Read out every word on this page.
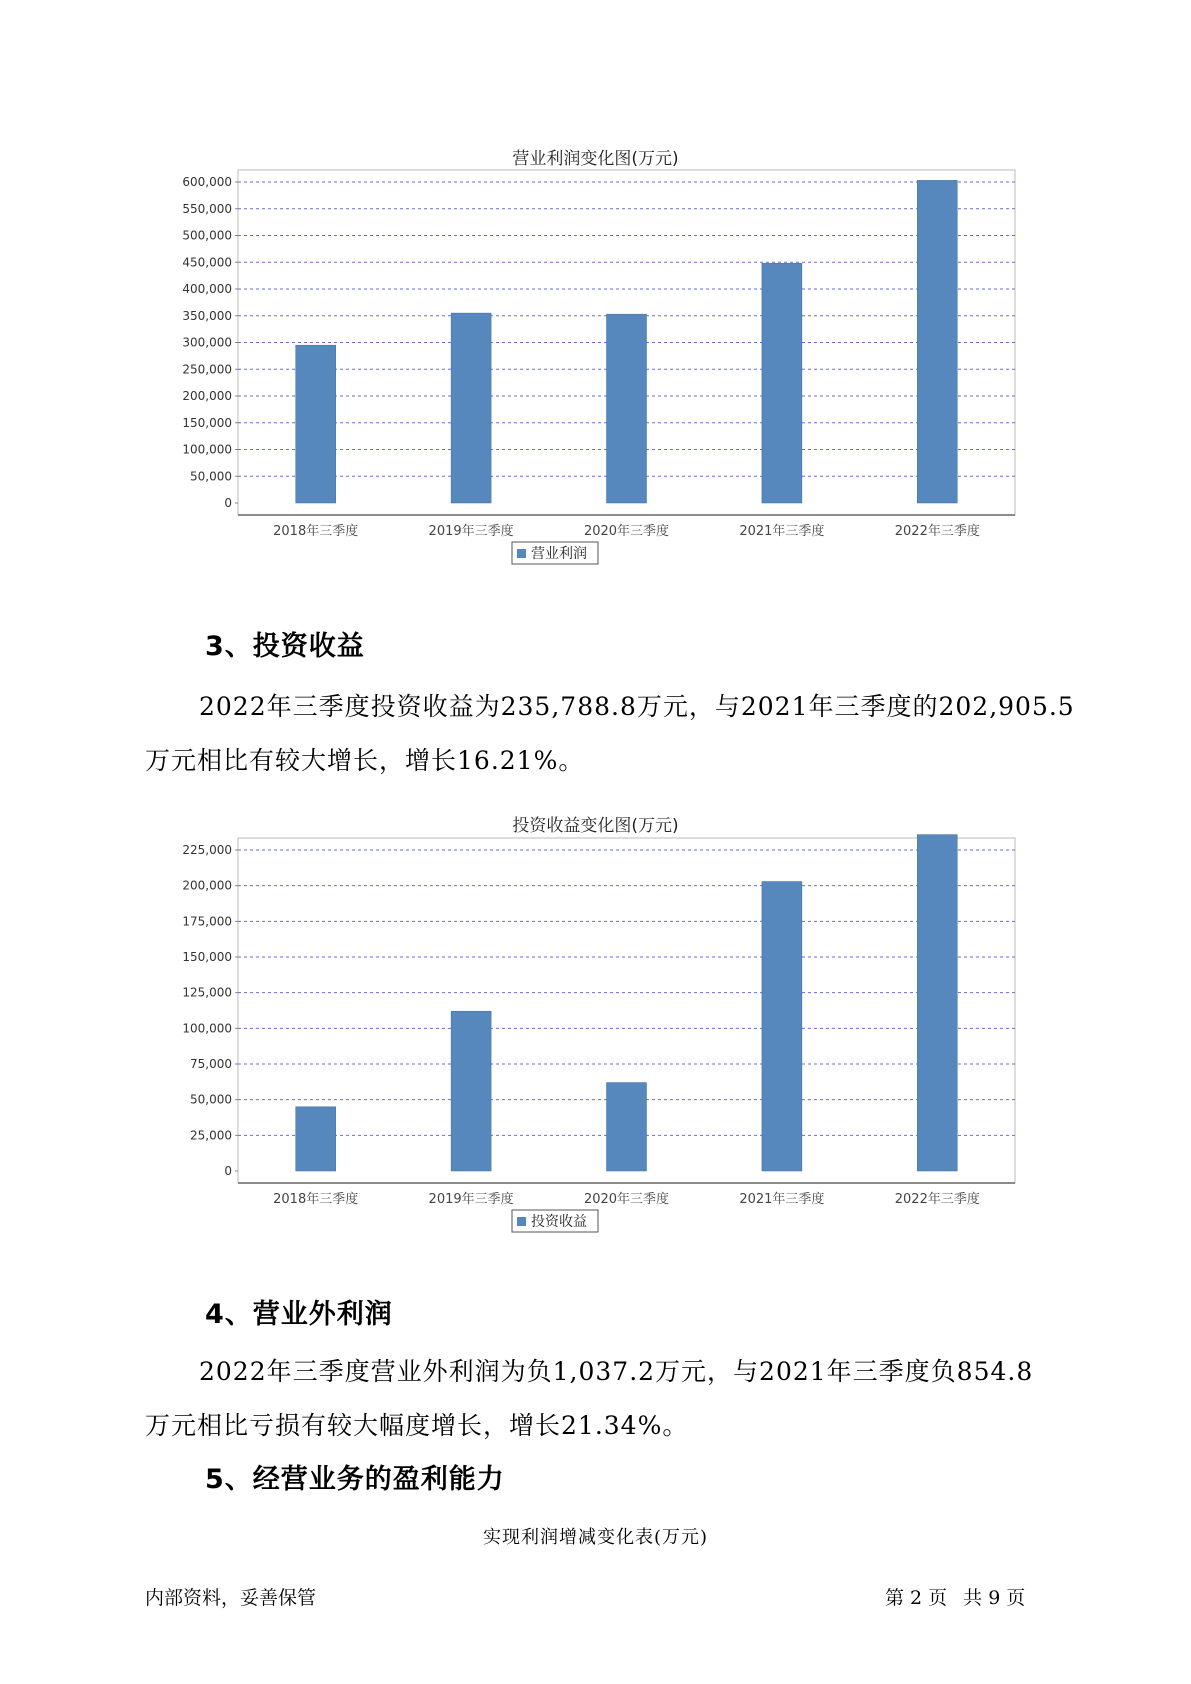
营业利润变化图(万元)
0
50,000
100,000
150,000
200,000
250,000
300,000
350,000
400,000
450,000
500,000
550,000
600,000
2018年三季度	2019年三季度	2020年三季度	2021年三季度	2022年三季度
营业利润
3、投资收益

2022年三季度投资收益为235,788.8万元，与2021年三季度的202,905.5
万元相比有较大增长，增长16.21%。

投资收益变化图(万元)
0
25,000
50,000
75,000
100,000
125,000
150,000
175,000
200,000
225,000
2018年三季度	2019年三季度	2020年三季度	2021年三季度	2022年三季度
投资收益
4、营业外利润

2022年三季度营业外利润为负1,037.2万元，与2021年三季度负854.8
万元相比亏损有较大幅度增长，增长21.34%。

5、经营业务的盈利能力
实现利润增减变化表(万元)
内部资料，妥善保管	第 2 页 共 9 页
